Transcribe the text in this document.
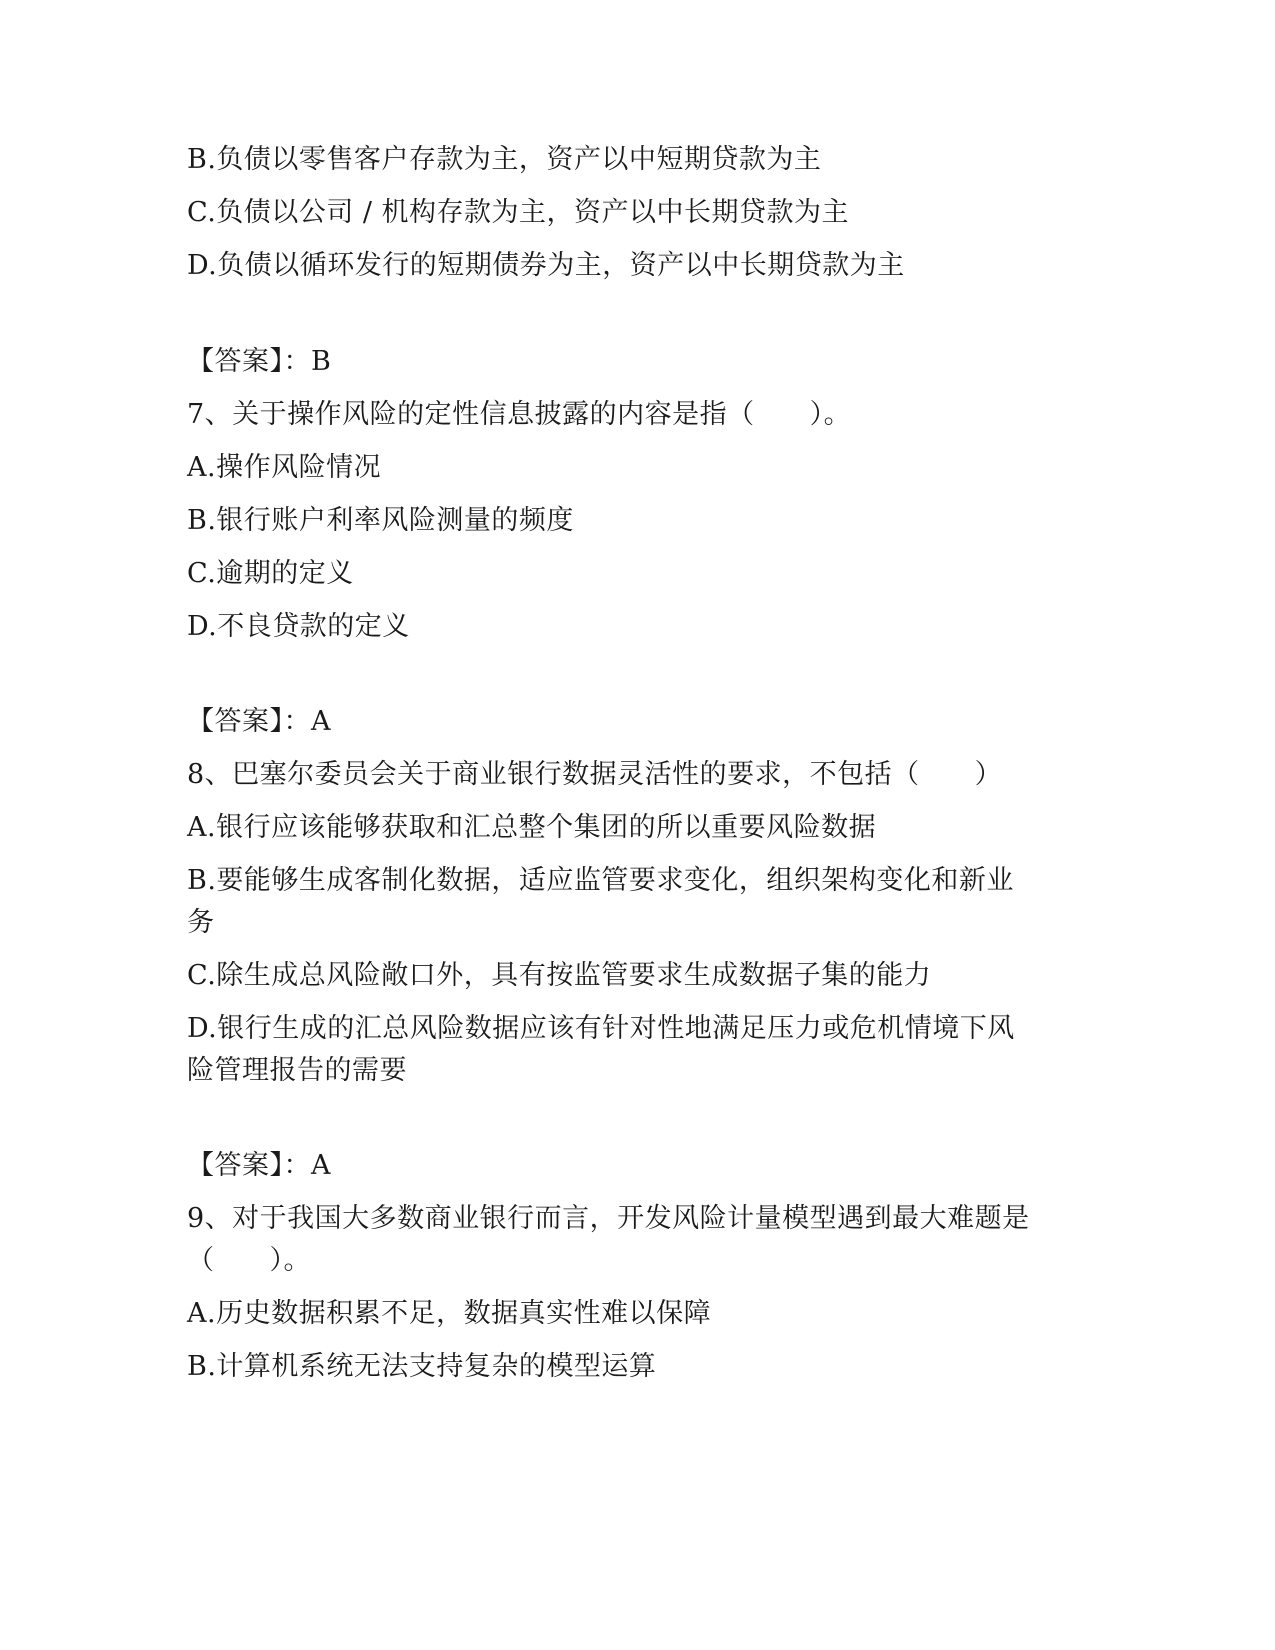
B.负债以零售客户存款为主，资产以中短期贷款为主
C.负债以公司 / 机构存款为主，资产以中长期贷款为主
D.负债以循环发行的短期债券为主，资产以中长期贷款为主
【答案】：B
7、关于操作风险的定性信息披露的内容是指（　　）。
A.操作风险情况
B.银行账户利率风险测量的频度
C.逾期的定义
D.不良贷款的定义
【答案】：A
8、巴塞尔委员会关于商业银行数据灵活性的要求，不包括（　　）
A.银行应该能够获取和汇总整个集团的所以重要风险数据
B.要能够生成客制化数据，适应监管要求变化，组织架构变化和新业
务
C.除生成总风险敞口外，具有按监管要求生成数据子集的能力
D.银行生成的汇总风险数据应该有针对性地满足压力或危机情境下风
险管理报告的需要
【答案】：A
9、对于我国大多数商业银行而言，开发风险计量模型遇到最大难题是
（　　）。
A.历史数据积累不足，数据真实性难以保障
B.计算机系统无法支持复杂的模型运算
